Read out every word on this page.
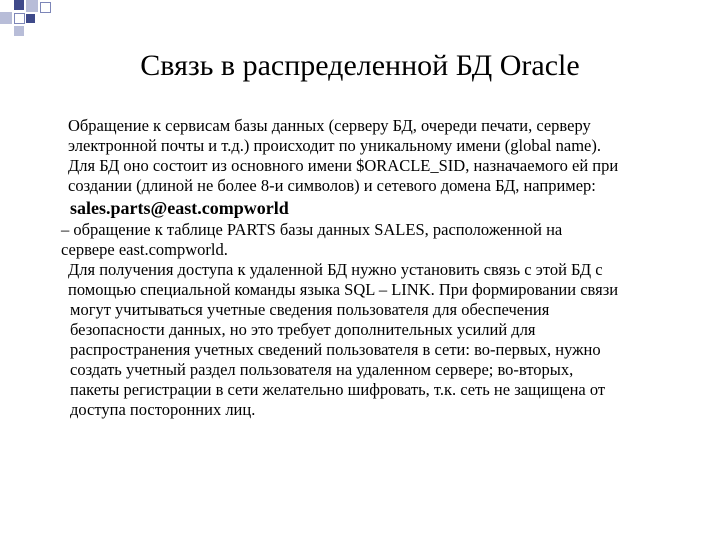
Связь в распределенной БД Oracle
Обращение к сервисам базы данных (серверу БД, очереди печати, серверу
электронной почты и т.д.) происходит по уникальному имени (global name).
Для БД оно состоит из основного имени $ORACLE_SID, назначаемого ей при
создании (длиной не более 8-и символов) и сетевого домена БД, например:
sales.parts@east.compworld
– обращение к таблице PARTS базы данных SALES, расположенной на
сервере east.compworld.
Для получения доступа к удаленной БД нужно установить связь с этой БД с
помощью специальной команды языка SQL – LINK. При формировании связи
могут учитываться учетные сведения пользователя для обеспечения
безопасности данных, но это требует дополнительных усилий для
распространения учетных сведений пользователя в сети: во-первых, нужно
создать учетный раздел пользователя на удаленном сервере; во-вторых,
пакеты регистрации в сети желательно шифровать, т.к. сеть не защищена от
доступа посторонних лиц.
